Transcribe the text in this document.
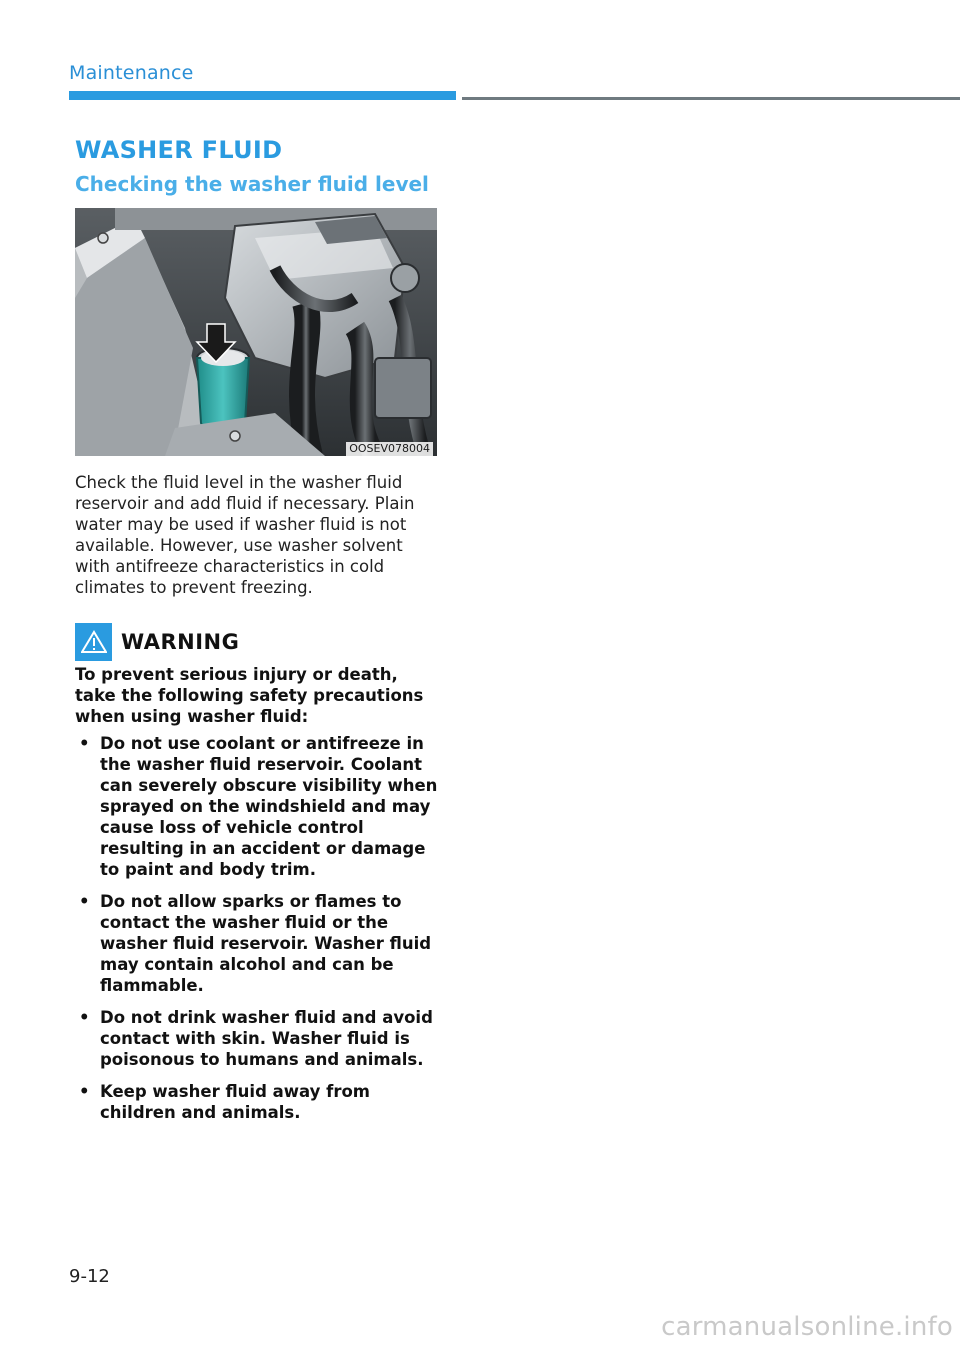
Maintenance
WASHER FLUID
Checking the washer fluid level
OOSEV078004
Check the fluid level in the washer fluid reservoir and add fluid if necessary. Plain water may be used if washer fluid is not available. However, use washer solvent with antifreeze characteristics in cold climates to prevent freezing.
WARNING
To prevent serious injury or death, take the following safety precautions when using washer fluid:
• Do not use coolant or antifreeze in the washer fluid reservoir. Coolant can severely obscure visibility when sprayed on the windshield and may cause loss of vehicle control resulting in an accident or damage to paint and body trim.
• Do not allow sparks or flames to contact the washer fluid or the washer fluid reservoir. Washer fluid may contain alcohol and can be flammable.
• Do not drink washer fluid and avoid contact with skin. Washer fluid is poisonous to humans and animals.
• Keep washer fluid away from children and animals.
9-12
carmanualsonline.info
